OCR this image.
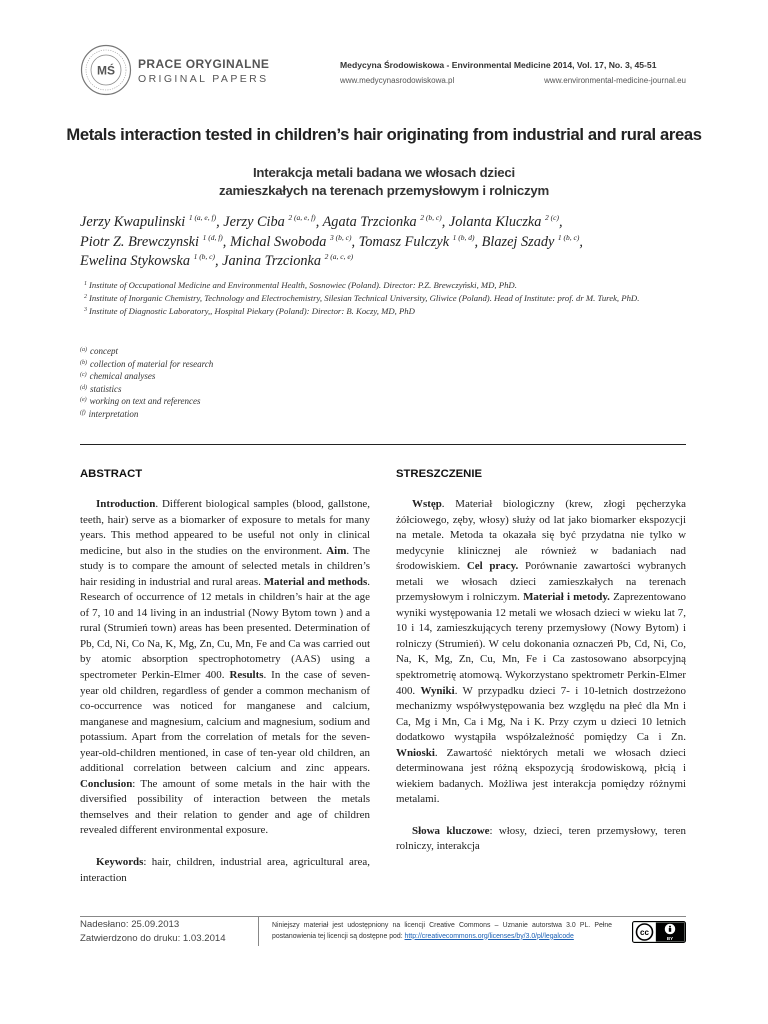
MŚ PRACE ORYGINALNE
ORIGINAL PAPERS
Medycyna Środowiskowa - Environmental Medicine 2014, Vol. 17, No. 3, 45-51
www.medycynasrodowiskowa.pl	www.environmental-medicine-journal.eu
Metals interaction tested in children’s hair originating from industrial and rural areas
Interakcja metali badana we włosach dzieci
zamieszkałych na terenach przemysłowym i rolniczym
Jerzy Kwapulinski $^{1 (a, e, f)}$, Jerzy Ciba $^{2 (a, e, f)}$, Agata Trzcionka $^{2 (b, c)}$, Jolanta Kluczka $^{2 (c)}$,
Piotr Z. Brewczynski $^{1 (d, f)}$, Michal Swoboda $^{3 (b, c)}$, Tomasz Fulczyk $^{1 (b, d)}$, Blazej Szady $^{1 (b, c)}$,
Ewelina Stykowska $^{1 (b, c)}$, Janina Trzcionka $^{2 (a, c, e)}$
$^1$ Institute of Occupational Medicine and Environmental Health, Sosnowiec (Poland). Director: P.Z. Brewczyński, MD, PhD.
$^2$ Institute of Inorganic Chemistry, Technology and Electrochemistry, Silesian Technical University, Gliwice (Poland). Head of Institute: prof. dr M. Turek, PhD.
$^3$ Institute of Diagnostic Laboratory,, Hospital Piekary (Poland): Director: B. Koczy, MD, PhD
$^{(a)}$ concept
$^{(b)}$ collection of material for research
$^{(c)}$ chemical analyses
$^{(d)}$ statistics
$^{(e)}$ working on text and references
$^{(f)}$ interpretation
ABSTRACT

Introduction. Different biological samples (blood, gallstone, teeth, hair) serve as a biomarker of exposure to metals for many years. This method appeared to be useful not only in clinical medicine, but also in the studies on the environment. Aim. The study is to compare the amount of selected metals in children’s hair residing in industrial and rural areas. Material and methods. Research of occurrence of 12 metals in children’s hair at the age of 7, 10 and 14 living in an industrial (Nowy Bytom town ) and a rural (Strumień town) areas has been presented. Determination of Pb, Cd, Ni, Co Na, K, Mg, Zn, Cu, Mn, Fe and Ca was carried out by atomic absorption spectrophotometry (AAS) using a spectrometer Perkin-Elmer 400. Results. In the case of seven-year old children, regardless of gender a common mechanism of co-occurrence was noticed for manganese and calcium, manganese and magnesium, calcium and magnesium, sodium and potassium. Apart from the correlation of metals for the seven-year-old-children mentioned, in case of ten-year old children, an additional correlation between calcium and zinc appears. Conclusion: The amount of some metals in the hair with the diversified possibility of interaction between the metals themselves and their relation to gender and age of children revealed different environmental exposure.

Keywords: hair, children, industrial area, agricultural area, interaction

STRESZCZENIE

Wstęp. Materiał biologiczny (krew, złogi pęcherzyka żółciowego, zęby, włosy) służy od lat jako biomarker ekspozycji na metale. Metoda ta okazała się być przydatna nie tylko w medycynie klinicznej ale również w badaniach nad środowiskiem. Cel pracy. Porównanie zawartości wybranych metali we włosach dzieci zamieszkałych na terenach przemysłowym i rolniczym. Materiał i metody. Zaprezentowano wyniki występowania 12 metali we włosach dzieci w wieku lat 7, 10 i 14, zamieszkujących tereny przemysłowy (Nowy Bytom) i rolniczy (Strumień). W celu dokonania oznaczeń Pb, Cd, Ni, Co, Na, K, Mg, Zn, Cu, Mn, Fe i Ca zastosowano absorpcyjną spektrometrię atomową. Wykorzystano spektrometr Perkin-Elmer 400. Wyniki. W przypadku dzieci 7- i 10-letnich dostrzeżono mechanizmy współwystępowania bez względu na płeć dla Mn i Ca, Mg i Mn, Ca i Mg, Na i K. Przy czym u dzieci 10 letnich dodatkowo wystąpiła współzależność pomiędzy Ca i Zn. Wnioski. Zawartość niektórych metali we włosach dzieci determinowana jest różną ekspozycją środowiskową, płcią i wiekiem badanych. Możliwa jest interakcja pomiędzy różnymi metalami.

Słowa kluczowe: włosy, dzieci, teren przemysłowy, teren rolniczy, interakcja

Nadesłano: 25.09.2013
Zatwierdzono do druku: 1.03.2014
Niniejszy materiał jest udostępniony na licencji Creative Commons – Uznanie autorstwa 3.0 PL. Pełne postanowienia tej licencji są dostępne pod: http://creativecommons.org/licenses/by/3.0/pl/legalcode	cc
BY
